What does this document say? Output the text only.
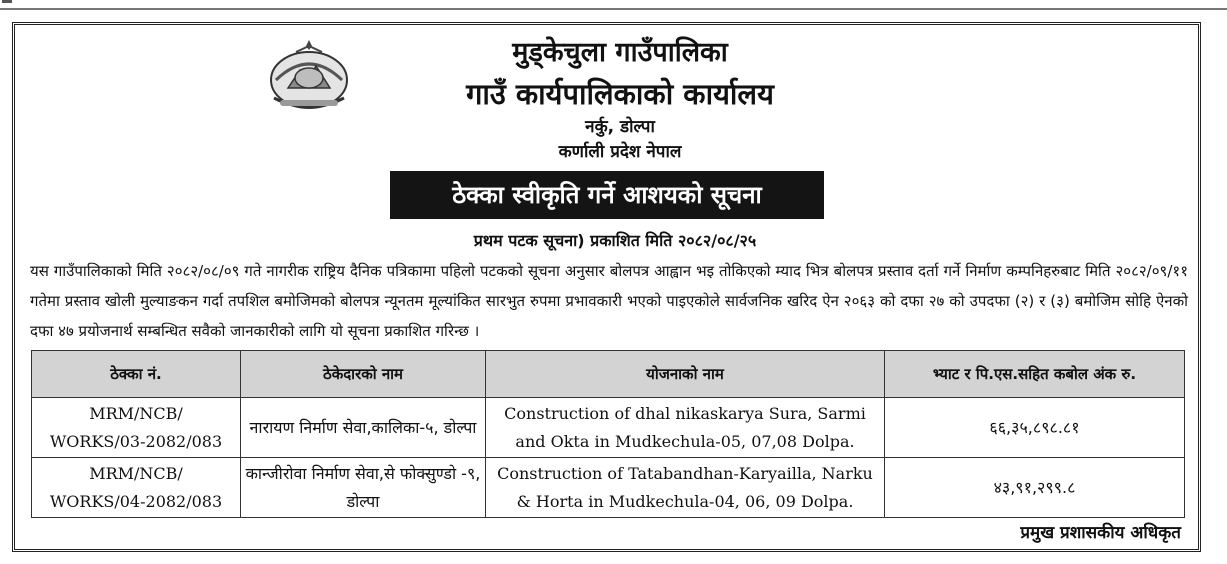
मुड्केचुला गाउँपालिका
गाउँ कार्यपालिकाको कार्यालय
नर्कु, डोल्पा
कर्णाली प्रदेश नेपाल
ठेक्का स्वीकृति गर्ने आशयको सूचना
प्रथम पटक सूचना) प्रकाशित मिति २०८२/०८/२५

यस गाउँपालिकाको मिति २०८२/०८/०९ गते नागरीक राष्ट्रिय दैनिक पत्रिकामा पहिलो पटकको सूचना अनुसार बोलपत्र आह्वान भइ तोकिएको म्याद भित्र बोलपत्र प्रस्ताव दर्ता गर्ने निर्माण कम्पनिहरुबाट मिति २०८२/०९/११ गतेमा प्रस्ताव खोली मुल्याङकन गर्दा तपशिल बमोजिमको बोलपत्र न्यूनतम मूल्यांकित सारभुत रुपमा प्रभावकारी भएको पाइएकोले सार्वजनिक खरिद ऐन २०६३ को दफा २७ को उपदफा (२) र (३) बमोजिम सोहि ऐनको दफा ४७ प्रयोजनार्थ सम्बन्धित सवैको जानकारीको लागि यो सूचना प्रकाशित गरिन्छ ।

ठेक्का नं.	ठेकेदारको नाम	योजनाको नाम	भ्याट र पि.एस.सहित कबोल अंक रु.

MRM/NCB/
WORKS/03-2082/083	नारायण निर्माण सेवा,कालिका-५, डोल्पा	Construction of dhal nikaskarya Sura, Sarmi and Okta in Mudkechula-05, 07,08 Dolpa.	६६,३५,८९८.८१

MRM/NCB/
WORKS/04-2082/083	कान्जीरोवा निर्माण सेवा,से फोक्सुण्डो -९, डोल्पा	Construction of Tatabandhan-Karyailla, Narku & Horta in Mudkechula-04, 06, 09 Dolpa.	४३,९१,२९९.८
प्रमुख प्रशासकीय अधिकृत
